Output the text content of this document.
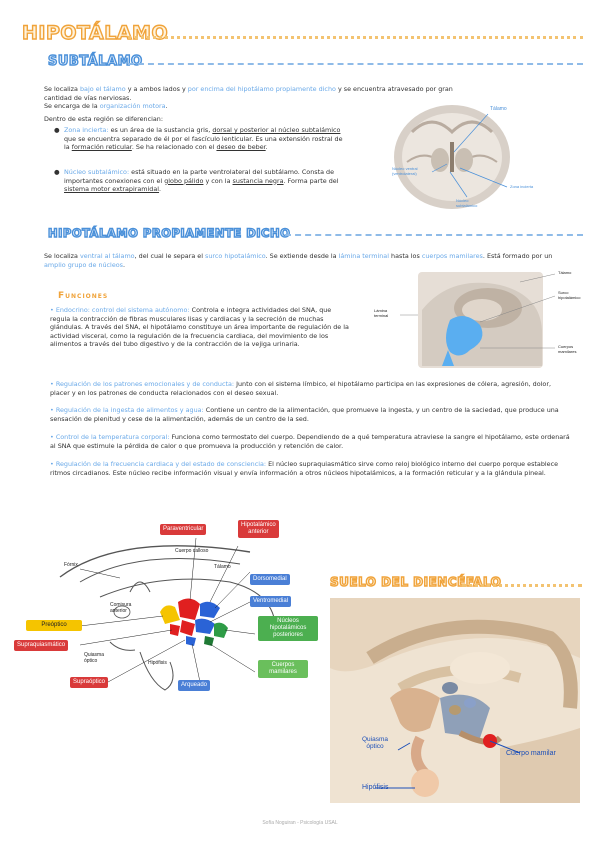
HIPOTÁLAMO
SUBTÁLAMO
Se localiza bajo el tálamo y a ambos lados y por encima del hipotálamo propiamente dicho y se encuentra atravesado por gran cantidad de vías nerviosas.
Se encarga de la organización motora.
Dentro de esta región se diferencian:
● Zona incierta: es un área de la sustancia gris, dorsal y posterior al núcleo subtalámico que se encuentra separado de él por el fascículo lenticular. Es una extensión rostral de la formación reticular. Se ha relacionado con el deseo de beber.
● Núcleo subtalámico: está situado en la parte ventrolateral del subtálamo. Consta de importantes conexiones con el globo pálido y con la sustancia negra. Forma parte del sistema motor extrapiramidal.
Tálamo
Núcleo ventral
(ventrolateral)
Zona incierta
Núcleo
subtalámico
HIPOTÁLAMO PROPIAMENTE DICHO
Se localiza ventral al tálamo, del cual le separa el surco hipotalámico. Se extiende desde la lámina terminal hasta los cuerpos mamilares. Está formado por un amplio grupo de núcleos.
Funciones
Tálamo
Surco
hipotalámico
Lámina
terminal
Cuerpos
mamilares
• Endocrino: control del sistema autónomo: Controla e integra actividades del SNA, que regula la contracción de fibras musculares lisas y cardiacas y la secreción de muchas glándulas. A través del SNA, el hipotálamo constituye un área importante de regulación de la actividad visceral, como la regulación de la frecuencia cardiaca, del movimiento de los alimentos a través del tubo digestivo y de la contracción de la vejiga urinaria.
• Regulación de los patrones emocionales y de conducta: Junto con el sistema límbico, el hipotálamo participa en las expresiones de cólera, agresión, dolor, placer y en los patrones de conducta relacionados con el deseo sexual.
• Regulación de la ingesta de alimentos y agua: Contiene un centro de la alimentación, que promueve la ingesta, y un centro de la saciedad, que produce una sensación de plenitud y cese de la alimentación, además de un centro de la sed.
• Control de la temperatura corporal: Funciona como termostato del cuerpo. Dependiendo de a qué temperatura atraviese la sangre el hipotálamo, este ordenará al SNA que estimule la pérdida de calor o que promueva la producción y retención de calor.
• Regulación de la frecuencia cardiaca y del estado de consciencia: El núcleo supraquiasmático sirve como reloj biológico interno del cuerpo porque establece ritmos circadianos. Este núcleo recibe información visual y envía información a otros núcleos hipotalámicos, a la formación reticular y a la glándula pineal.
Paraventricular
Hipotalámico
anterior
Fórnix
Cuerpo calloso
Tálamo
Dorsomedial
Ventromedial
Comisura
anterior
Preóptico
Supraquiasmático
Quiasma
óptico
Supraóptico
Hipófisis
Núcleos
hipotalámicos
posteriores
Cuerpos
mamilares
Arqueado
SUELO DEL DIENCÉFALO
Quiasma
óptico
Cuerpo mamilar
Hipófisis
Sofía Noguiran - Psicología USAL
